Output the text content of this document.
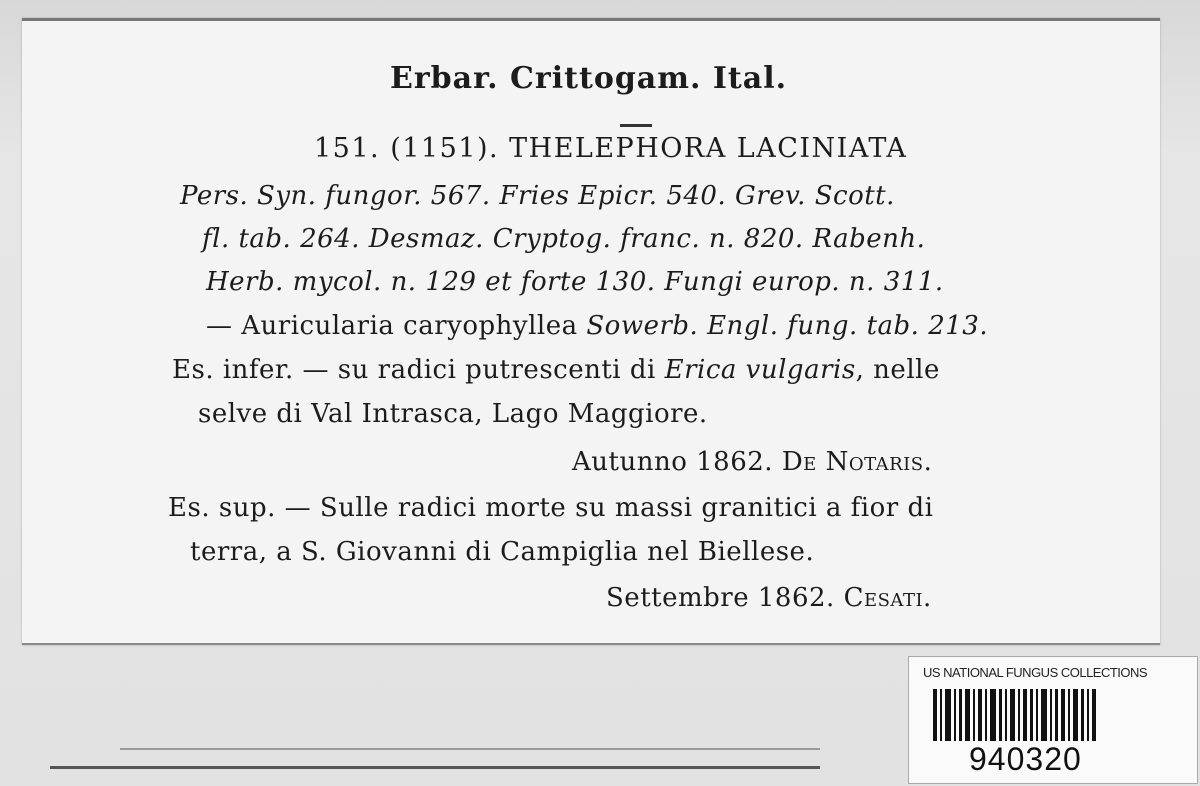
Erbar. Crittogam. Ital.
151. (1151). THELEPHORA LACINIATA
Pers. Syn. fungor. 567. Fries Epicr. 540. Grev. Scott.
fl. tab. 264. Desmaz. Cryptog. franc. n. 820. Rabenh.
Herb. mycol. n. 129 et forte 130. Fungi europ. n. 311.
— Auricularia caryophyllea Sowerb. Engl. fung. tab. 213.
Es. infer. — su radici putrescenti di Erica vulgaris, nelle
selve di Val Intrasca, Lago Maggiore.
Autunno 1862. De Notaris.
Es. sup. — Sulle radici morte su massi granitici a fior di
terra, a S. Giovanni di Campiglia nel Biellese.
Settembre 1862. Cesati.
US NATIONAL FUNGUS COLLECTIONS
940320
